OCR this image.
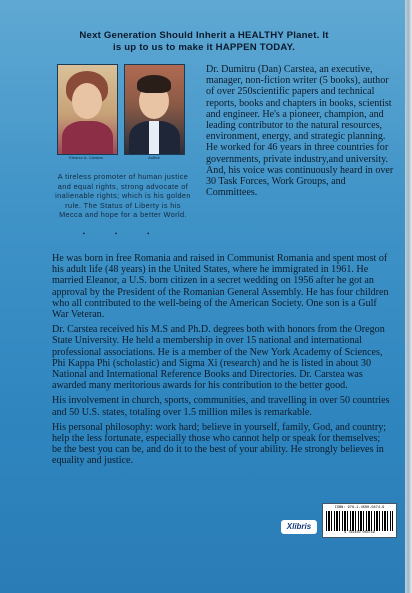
Next Generation Should Inherit a HEALTHY Planet. It
is up to us to make it HAPPEN TODAY.
Eleanor A. Carstea	Author
A tireless promoter of human justice and equal rights, strong advocate of inalienable rights; which is his golden rule. The Status of Liberty is his Mecca and hope for a better World.
• • •

Dr. Dumitru (Dan) Carstea, an executive, manager, non-fiction writer (5 books), author of over 250scientific papers and technical reports, books and chapters in books, scientist and engineer. He's a pioneer, champion, and leading contributor to the natural resources, environment, energy, and strategic planning. He worked for 46 years in three countries for governments, private industry,and university. And, his voice was continuously heard in over 30 Task Forces, Work Groups, and Committees.

He was born in free Romania and raised in Communist Romania and spent most of his adult life (48 years) in the United States, where he immigrated in 1961. He married Eleanor, a U.S. born citizen in a secret wedding on 1956 after he got an approval by the President of the Romanian General Assembly. He has four children who all contributed to the well-being of the American Society. One son is a Gulf War Veteran.

Dr. Carstea received his M.S and Ph.D. degrees both with honors from the Oregon State University. He held a membership in over 15 national and international professional associations. He is a member of the New York Academy of Sciences, Phi Kappa Phi (scholastic) and Sigma Xi (research) and he is listed in about 30 National and International Reference Books and Directories. Dr. Carstea was awarded many meritorious awards for his contribution to the better good.

His involvement in church, sports, communities, and travelling in over 50 countries and 50 U.S. states, totaling over 1.5 million miles is remarkable.

His personal philosophy: work hard; believe in yourself, family, God, and country; help the less fortunate, especially those who cannot help or speak for themselves; be the best you can be, and do it to the best of your ability. He strongly believes in equality and justice.

Xlibris
ISBN: 978-1-4500-0474-9
9 781450 004749
